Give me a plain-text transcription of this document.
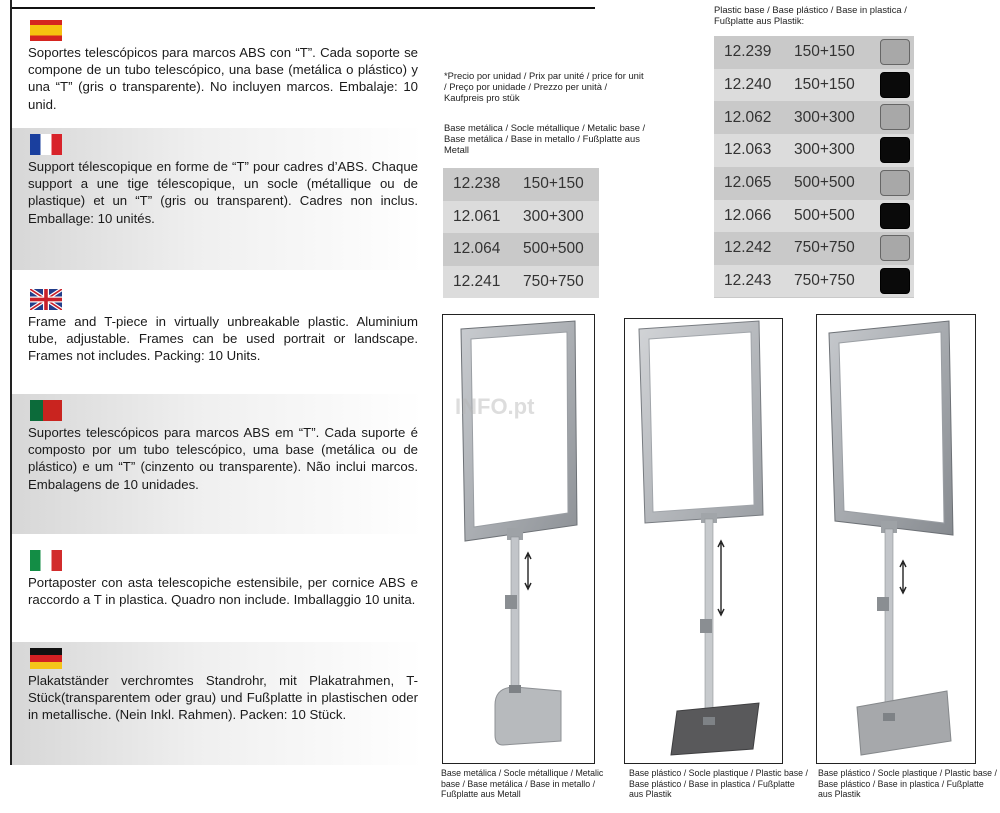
Soportes telescópicos para marcos ABS con “T”. Cada soporte se compone de un tubo telescópico, una base (metálica o plástico) y una “T” (gris o transparente). No incluyen marcos. Embalaje: 10 unid.

Support télescopique en forme de “T” pour cadres d’ABS. Chaque support a une tige télescopique, un socle (métallique ou de plastique) et un “T” (gris ou transparent). Cadres non inclus. Emballage: 10 unités.

Frame and T-piece in virtually unbreakable plastic. Aluminium tube, adjustable. Frames can be used portrait or landscape. Frames not includes. Packing: 10 Units.

Suportes telescópicos para marcos ABS em “T”. Cada suporte é composto por um tubo telescópico, uma base (metálica ou de plástico) e um “T” (cinzento ou transparente). Não inclui marcos. Embalagens de 10 unidades.

Portaposter con asta telescopiche estensibile, per cornice ABS e raccordo a T in plastica. Quadro non include. Imballaggio 10 unita.

Plakatständer verchromtes Standrohr, mit Plakatrahmen, T-Stück(transparentem oder grau) und Fußplatte in plastischen oder in metallische. (Nein Inkl. Rahmen). Packen: 10 Stück.

*Precio por unidad / Prix par unité / price for unit / Preço por unidade / Prezzo per unità / Kaufpreis pro stük
Base metálica / Socle métallique / Metalic base / Base metálica / Base in metallo / Fußplatte aus Metall
12.238	150+150
12.061	300+300
12.064	500+500
12.241	750+750
Plastic base / Base plástico / Base in plastica / Fußplatte aus Plastik:
12.239	150+150
12.240	150+150
12.062	300+300
12.063	300+300
12.065	500+500
12.066	500+500
12.242	750+750
12.243	750+750
INFO.pt
Base metálica / Socle métallique / Metalic base / Base metálica / Base in metallo / Fußplatte aus Metall
Base plástico / Socle plastique / Plastic base / Base plástico / Base in plastica / Fußplatte aus Plastik
Base plástico / Socle plastique / Plastic base / Base plástico / Base in plastica / Fußplatte aus Plastik
